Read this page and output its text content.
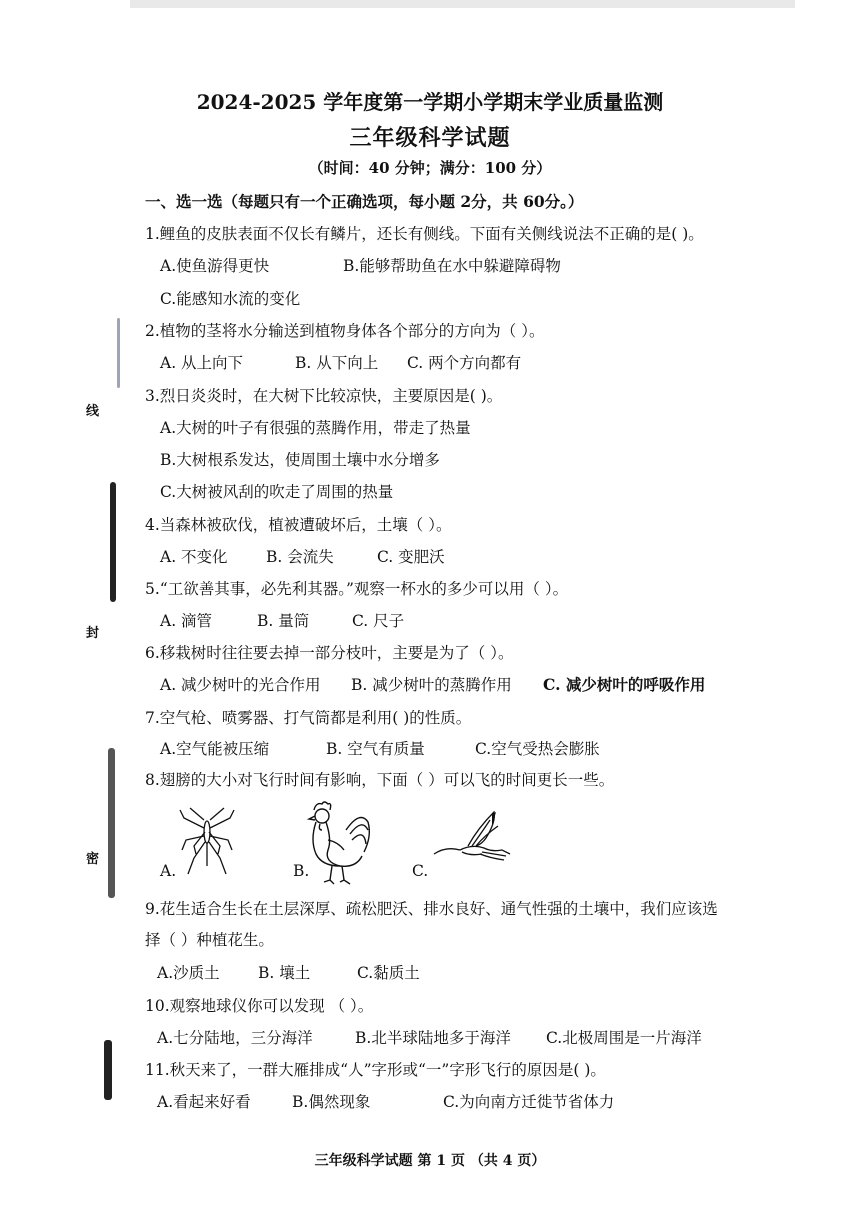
线
封
密
2024-2025 学年度第一学期小学期末学业质量监测
三年级科学试题
（时间：40 分钟；满分：100 分）
一、选一选（每题只有一个正确选项，每小题 2分，共 60分。）
1.鲤鱼的皮肤表面不仅长有鳞片，还长有侧线。下面有关侧线说法不正确的是( )。
A.使鱼游得更快	B.能够帮助鱼在水中躲避障碍物
C.能感知水流的变化
2.植物的茎将水分输送到植物身体各个部分的方向为（ ）。
A. 从上向下	B. 从下向上 C. 两个方向都有
3.烈日炎炎时，在大树下比较凉快，主要原因是( )。
A.大树的叶子有很强的蒸腾作用，带走了热量
B.大树根系发达，使周围土壤中水分增多
C.大树被风刮的吹走了周围的热量
4.当森林被砍伐，植被遭破坏后，土壤（ ）。
A. 不变化 B. 会流失	C. 变肥沃
5.“工欲善其事，必先利其器。”观察一杯水的多少可以用（ ）。
A. 滴管	B. 量筒	C. 尺子
6.移栽树时往往要去掉一部分枝叶，主要是为了（ ）。
A. 减少树叶的光合作用 B. 减少树叶的蒸腾作用 C. 减少树叶的呼吸作用
7.空气枪、喷雾器、打气筒都是利用( )的性质。
A.空气能被压缩	B. 空气有质量	C.空气受热会膨胀
8.翅膀的大小对飞行时间有影响，下面（ ）可以飞的时间更长一些。
A.	B.	C.
9.花生适合生长在土层深厚、疏松肥沃、排水良好、通气性强的土壤中，我们应该选
择（ ）种植花生。
A.沙质土 B. 壤土	C.黏质土
10.观察地球仪你可以发现 （ ）。
A.七分陆地，三分海洋	B.北半球陆地多于海洋 C.北极周围是一片海洋
11.秋天来了，一群大雁排成“人”字形或“一”字形飞行的原因是( )。
A.看起来好看	B.偶然现象	C.为向南方迁徙节省体力
三年级科学试题 第 1 页 （共 4 页）
